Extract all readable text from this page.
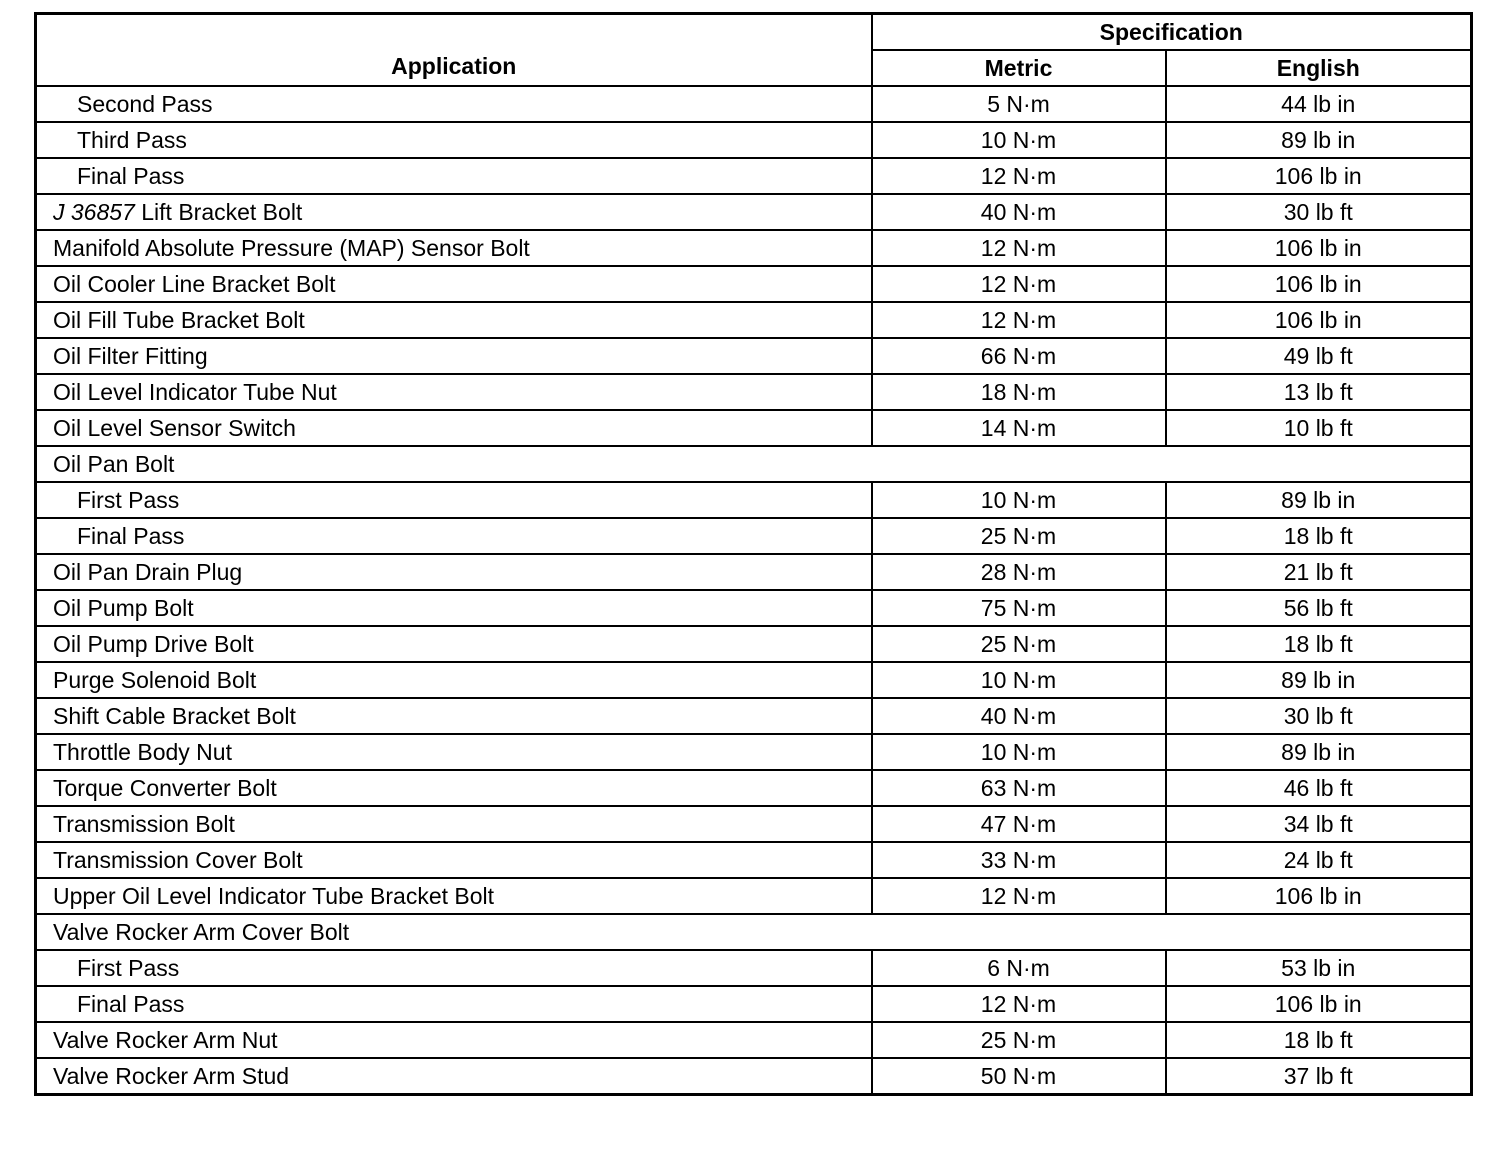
Application	Specification	
	Metric	English
Second Pass	5 N·m	44 lb in
Third Pass	10 N·m	89 lb in
Final Pass	12 N·m	106 lb in
J 36857 Lift Bracket Bolt	40 N·m	30 lb ft
Manifold Absolute Pressure (MAP) Sensor Bolt	12 N·m	106 lb in
Oil Cooler Line Bracket Bolt	12 N·m	106 lb in
Oil Fill Tube Bracket Bolt	12 N·m	106 lb in
Oil Filter Fitting	66 N·m	49 lb ft
Oil Level Indicator Tube Nut	18 N·m	13 lb ft
Oil Level Sensor Switch	14 N·m	10 lb ft
Oil Pan Bolt		
First Pass	10 N·m	89 lb in
Final Pass	25 N·m	18 lb ft
Oil Pan Drain Plug	28 N·m	21 lb ft
Oil Pump Bolt	75 N·m	56 lb ft
Oil Pump Drive Bolt	25 N·m	18 lb ft
Purge Solenoid Bolt	10 N·m	89 lb in
Shift Cable Bracket Bolt	40 N·m	30 lb ft
Throttle Body Nut	10 N·m	89 lb in
Torque Converter Bolt	63 N·m	46 lb ft
Transmission Bolt	47 N·m	34 lb ft
Transmission Cover Bolt	33 N·m	24 lb ft
Upper Oil Level Indicator Tube Bracket Bolt	12 N·m	106 lb in
Valve Rocker Arm Cover Bolt		
First Pass	6 N·m	53 lb in
Final Pass	12 N·m	106 lb in
Valve Rocker Arm Nut	25 N·m	18 lb ft
Valve Rocker Arm Stud	50 N·m	37 lb ft
